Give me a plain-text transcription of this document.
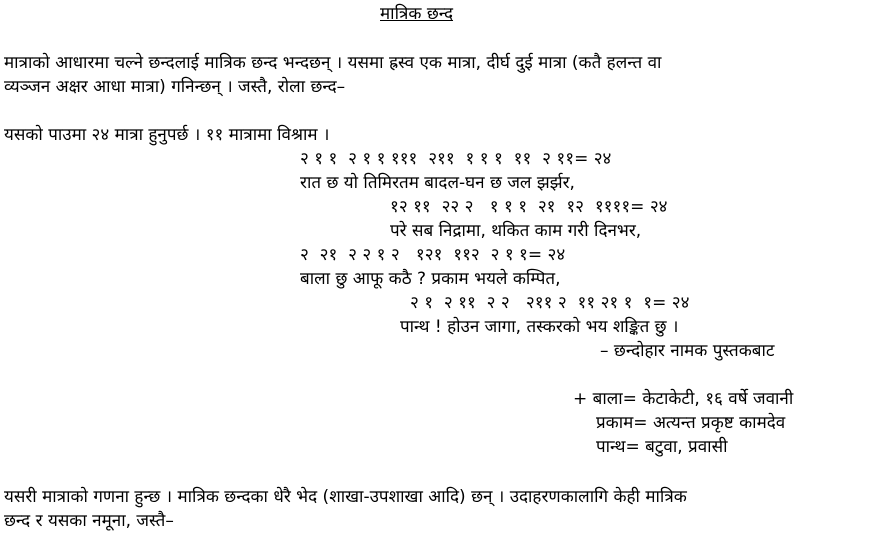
मात्रिक छन्द
मात्राको आधारमा चल्ने छन्दलाई मात्रिक छन्द भन्दछन् । यसमा ह्रस्व एक मात्रा, दीर्घ दुई मात्रा (कतै हलन्त वा
व्यञ्जन अक्षर आधा मात्रा) गनिन्छन् । जस्तै, रोला छन्द–
यसको पाउमा २४ मात्रा हुनुपर्छ । ११ मात्रामा विश्राम ।
२ १ १  २ १ १ १११  २११  १ १ १  ११  २ ११= २४
रात छ यो तिमिरतम बादल-घन छ जल झर्झर,
१२ ११  २२ २   १ १ १  २१  १२  ११११= २४
परे सब निद्रामा, थकित काम गरी दिनभर,
२  २१  २ २ १ २   १२१  ११२  २ १ १= २४
बाला छु आफू कठै ? प्रकाम भयले कम्पित,
२ १  २ ११  २ २   २११ २  ११ २१ १  १= २४
पान्थ ! होउन जागा, तस्करको भय शङ्कित छु ।
– छन्दोहार नामक पुस्तकबाट
+ बाला= केटाकेटी, १६ वर्षे जवानी
प्रकाम= अत्यन्त प्रकृष्ट कामदेव
पान्थ= बटुवा, प्रवासी
यसरी मात्राको गणना हुन्छ । मात्रिक छन्दका धेरै भेद (शाखा-उपशाखा आदि) छन् । उदाहरणकालागि केही मात्रिक
छन्द र यसका नमूना, जस्तै–
